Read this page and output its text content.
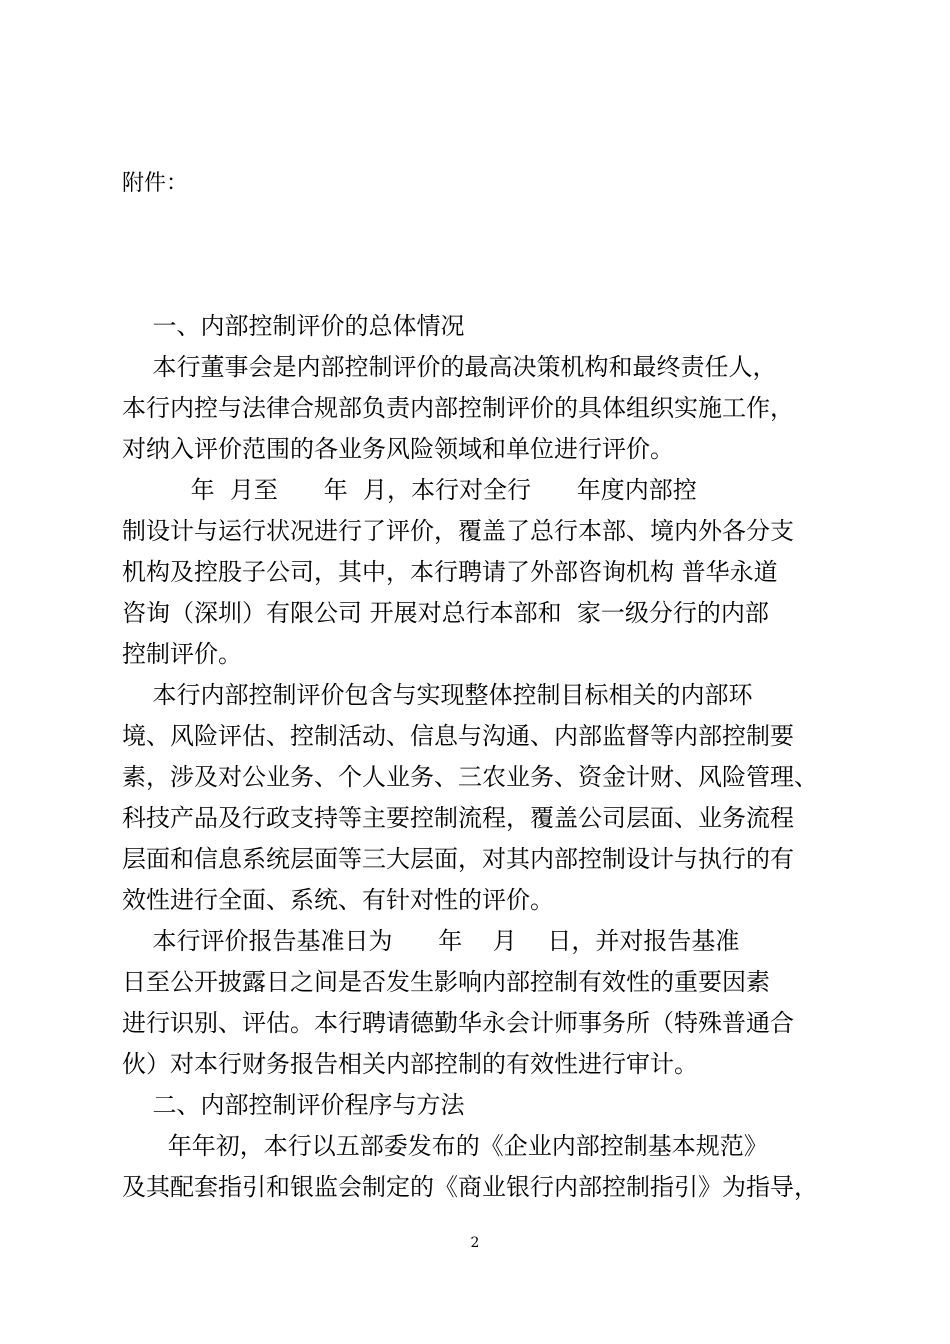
附件：
一、内部控制评价的总体情况
本行董事会是内部控制评价的最高决策机构和最终责任人，
本行内控与法律合规部负责内部控制评价的具体组织实施工作，
对纳入评价范围的各业务风险领域和单位进行评价。
年  月至      年  月，本行对全行      年度内部控
制设计与运行状况进行了评价，覆盖了总行本部、境内外各分支
机构及控股子公司，其中，本行聘请了外部咨询机构 普华永道
咨询（深圳）有限公司 开展对总行本部和  家一级分行的内部
控制评价。
本行内部控制评价包含与实现整体控制目标相关的内部环
境、风险评估、控制活动、信息与沟通、内部监督等内部控制要
素，涉及对公业务、个人业务、三农业务、资金计财、风险管理、
科技产品及行政支持等主要控制流程，覆盖公司层面、业务流程
层面和信息系统层面等三大层面，对其内部控制设计与执行的有
效性进行全面、系统、有针对性的评价。
本行评价报告基准日为      年    月    日，并对报告基准
日至公开披露日之间是否发生影响内部控制有效性的重要因素
进行识别、评估。本行聘请德勤华永会计师事务所（特殊普通合
伙）对本行财务报告相关内部控制的有效性进行审计。
二、内部控制评价程序与方法
年年初，本行以五部委发布的《企业内部控制基本规范》
及其配套指引和银监会制定的《商业银行内部控制指引》为指导，
2
